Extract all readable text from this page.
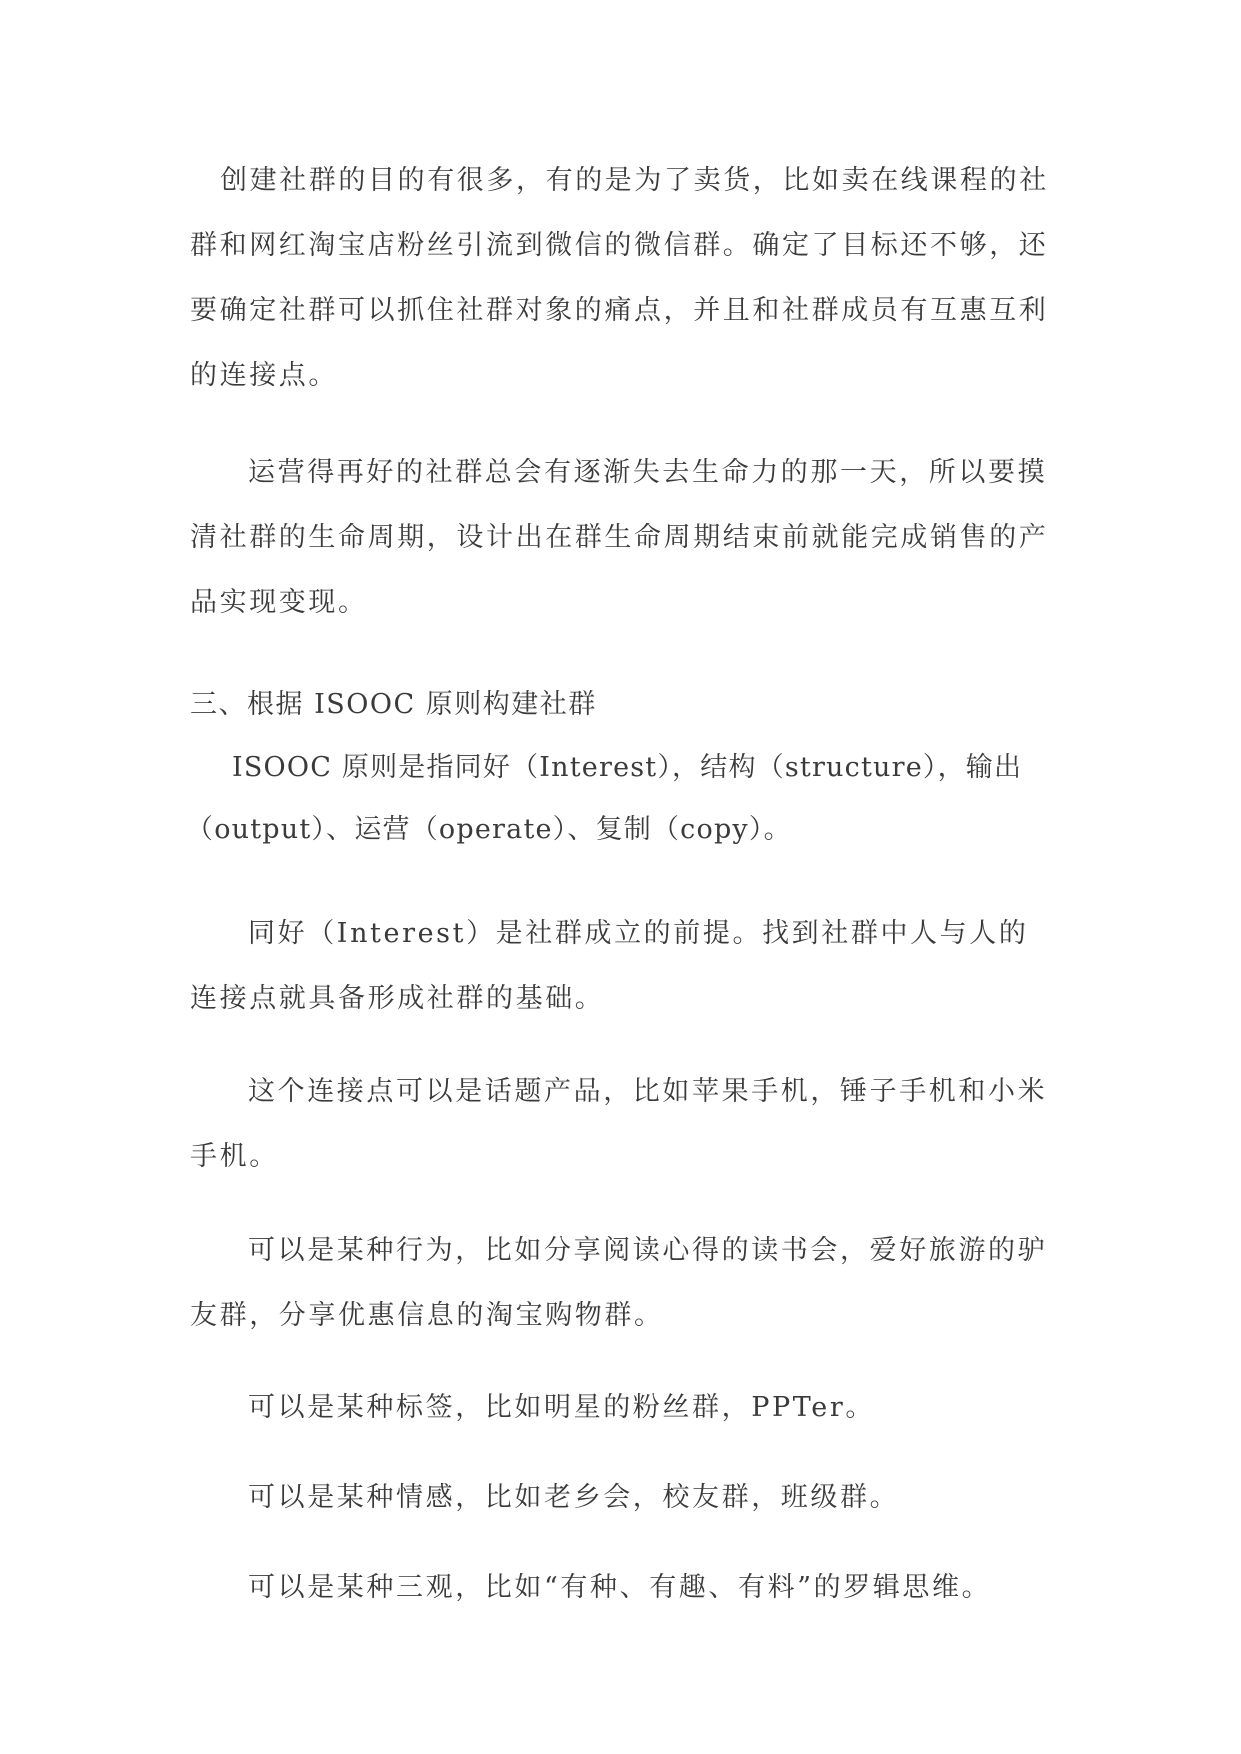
创建社群的目的有很多，有的是为了卖货，比如卖在线课程的社群和网红淘宝店粉丝引流到微信的微信群。确定了目标还不够，还要确定社群可以抓住社群对象的痛点，并且和社群成员有互惠互利的连接点。

运营得再好的社群总会有逐渐失去生命力的那一天，所以要摸清社群的生命周期，设计出在群生命周期结束前就能完成销售的产品实现变现。

三、根据 ISOOC 原则构建社群

ISOOC 原则是指同好（Interest），结构（structure），输出

（output）、运营（operate）、复制（copy）。

同好（Interest）是社群成立的前提。找到社群中人与人的连接点就具备形成社群的基础。

这个连接点可以是话题产品，比如苹果手机，锤子手机和小米手机。

可以是某种行为，比如分享阅读心得的读书会，爱好旅游的驴友群，分享优惠信息的淘宝购物群。

可以是某种标签，比如明星的粉丝群，PPTer。

可以是某种情感，比如老乡会，校友群，班级群。

可以是某种三观，比如“有种、有趣、有料”的罗辑思维。
